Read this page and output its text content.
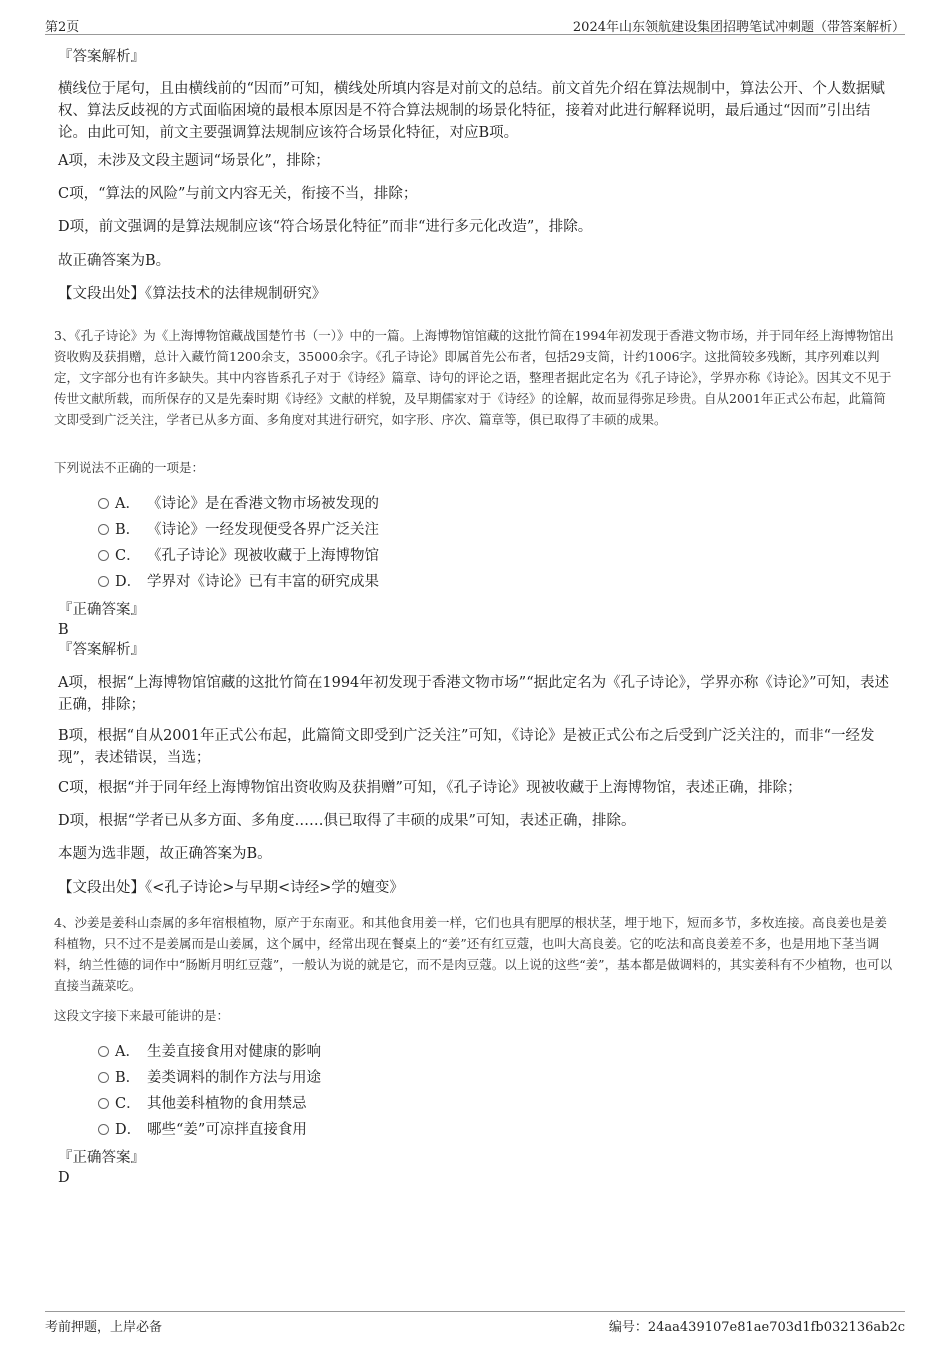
第2页	2024年山东领航建设集团招聘笔试冲刺题（带答案解析）
『答案解析』
横线位于尾句，且由横线前的“因而”可知，横线处所填内容是对前文的总结。前文首先介绍在算法规制中，算法公开、个人数据赋权、算法反歧视的方式面临困境的最根本原因是不符合算法规制的场景化特征，接着对此进行解释说明，最后通过“因而”引出结论。由此可知，前文主要强调算法规制应该符合场景化特征，对应B项。
A项，未涉及文段主题词“场景化”，排除；
C项，“算法的风险”与前文内容无关，衔接不当，排除；
D项，前文强调的是算法规制应该“符合场景化特征”而非“进行多元化改造”，排除。
故正确答案为B。
【文段出处】《算法技术的法律规制研究》
3、《孔子诗论》为《上海博物馆藏战国楚竹书（一）》中的一篇。上海博物馆馆藏的这批竹简在1994年初发现于香港文物市场，并于同年经上海博物馆出资收购及获捐赠，总计入藏竹简1200余支，35000余字。《孔子诗论》即属首先公布者，包括29支简，计约1006字。这批简较多残断，其序列难以判定，文字部分也有许多缺失。其中内容皆系孔子对于《诗经》篇章、诗句的评论之语，整理者据此定名为《孔子诗论》，学界亦称《诗论》。因其文不见于传世文献所载，而所保存的又是先秦时期《诗经》文献的样貌，及早期儒家对于《诗经》的诠解，故而显得弥足珍贵。自从2001年正式公布起，此篇简文即受到广泛关注，学者已从多方面、多角度对其进行研究，如字形、序次、篇章等，俱已取得了丰硕的成果。
下列说法不正确的一项是：
A． 《诗论》是在香港文物市场被发现的
B． 《诗论》一经发现便受各界广泛关注
C． 《孔子诗论》现被收藏于上海博物馆
D． 学界对《诗论》已有丰富的研究成果
『正确答案』
B
『答案解析』
A项，根据“上海博物馆馆藏的这批竹简在1994年初发现于香港文物市场”“据此定名为《孔子诗论》，学界亦称《诗论》”可知，表述正确，排除；
B项，根据“自从2001年正式公布起，此篇简文即受到广泛关注”可知，《诗论》是被正式公布之后受到广泛关注的，而非“一经发现”，表述错误，当选；
C项，根据“并于同年经上海博物馆出资收购及获捐赠”可知，《孔子诗论》现被收藏于上海博物馆，表述正确，排除；
D项，根据“学者已从多方面、多角度……俱已取得了丰硕的成果”可知，表述正确，排除。
本题为选非题，故正确答案为B。
【文段出处】《<孔子诗论>与早期<诗经>学的嬗变》
4、沙姜是姜科山柰属的多年宿根植物，原产于东南亚。和其他食用姜一样，它们也具有肥厚的根状茎，埋于地下，短而多节，多枚连接。高良姜也是姜科植物，只不过不是姜属而是山姜属，这个属中，经常出现在餐桌上的“姜”还有红豆蔻，也叫大高良姜。它的吃法和高良姜差不多，也是用地下茎当调料，纳兰性德的词作中“肠断月明红豆蔻”，一般认为说的就是它，而不是肉豆蔻。以上说的这些“姜”，基本都是做调料的，其实姜科有不少植物，也可以直接当蔬菜吃。
这段文字接下来最可能讲的是：
A． 生姜直接食用对健康的影响
B． 姜类调料的制作方法与用途
C． 其他姜科植物的食用禁忌
D． 哪些“姜”可凉拌直接食用
『正确答案』
D
考前押题，上岸必备	编号：24aa439107e81ae703d1fb032136ab2c
